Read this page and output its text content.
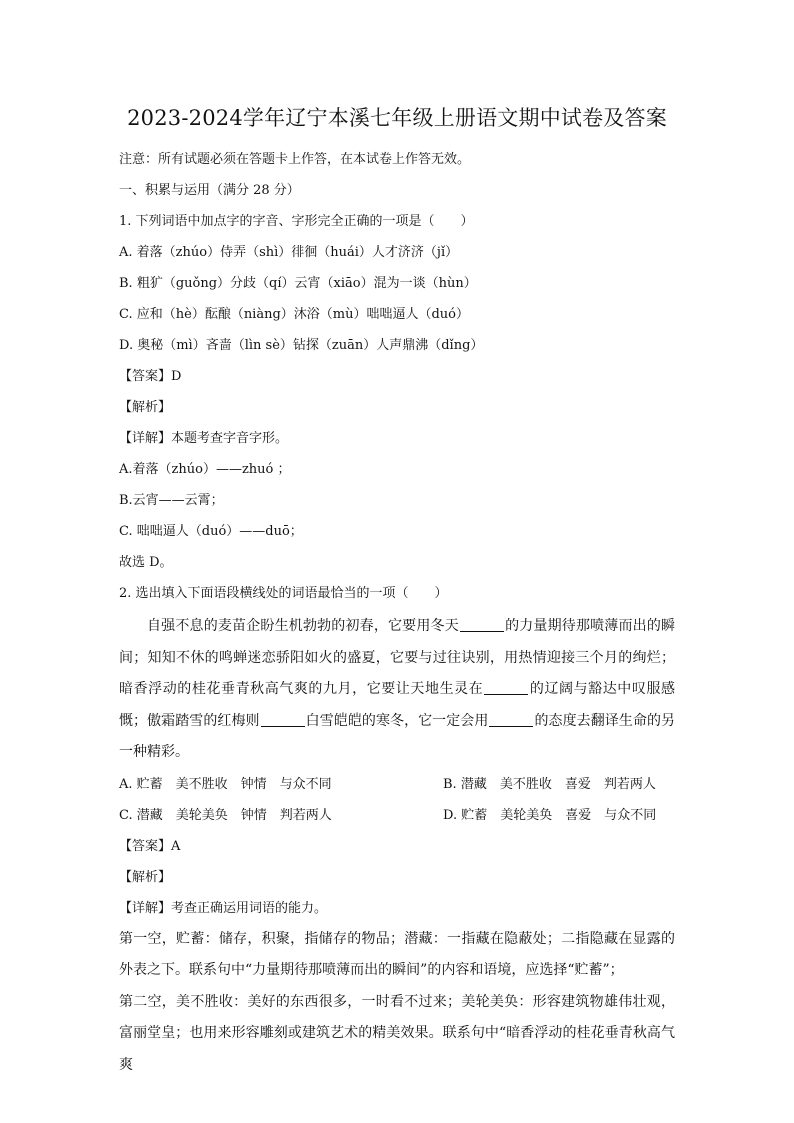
2023-2024学年辽宁本溪七年级上册语文期中试卷及答案
注意：所有试题必须在答题卡上作答，在本试卷上作答无效。
一、积累与运用（满分 28 分）
1. 下列词语中加点字的字音、字形完全正确的一项是（ ）
A. 着落（zhúo）侍弄（shì）徘徊（huái）人才济济（jǐ）
B. 粗犷（guǒng）分歧（qí）云宵（xiāo）混为一谈（hùn）
C. 应和（hè）酝酿（niàng）沐浴（mù）咄咄逼人（duó）
D. 奥秘（mì）吝啬（lìn sè）钻探（zuān）人声鼎沸（dǐng）
【答案】D
【解析】
【详解】本题考查字音字形。
A.着落（zhúo）——zhuó ；
B.云宵——云霄；
C. 咄咄逼人（duó）——duō；
故选 D。
2. 选出填入下面语段横线处的词语最恰当的一项（ ）
自强不息的麦苗企盼生机勃勃的初春，它要用冬天	的力量期待那喷薄而出的瞬间；知知不休的鸣蝉迷恋骄阳如火的盛夏，它要与过往诀别，用热情迎接三个月的绚烂；暗香浮动的桂花垂青秋高气爽的九月，它要让天地生灵在	的辽阔与豁达中叹服感慨；傲霜踏雪的红梅则	白雪皑皑的寒冬，它一定会用	的态度去翻译生命的另一种精彩。
A. 贮蓄　美不胜收　钟情　与众不同	B. 潜藏　美不胜收　喜爱　判若两人
C. 潜藏　美轮美奂　钟情　判若两人	D. 贮蓄　美轮美奂　喜爱　与众不同
【答案】A
【解析】
【详解】考查正确运用词语的能力。
第一空，贮蓄：储存，积聚，指储存的物品；潜藏：一指藏在隐蔽处；二指隐藏在显露的外表之下。联系句中“力量期待那喷薄而出的瞬间”的内容和语境，应选择“贮蓄”；
第二空，美不胜收：美好的东西很多，一时看不过来；美轮美奂：形容建筑物雄伟壮观，富丽堂皇；也用来形容雕刻或建筑艺术的精美效果。联系句中“暗香浮动的桂花垂青秋高气爽
